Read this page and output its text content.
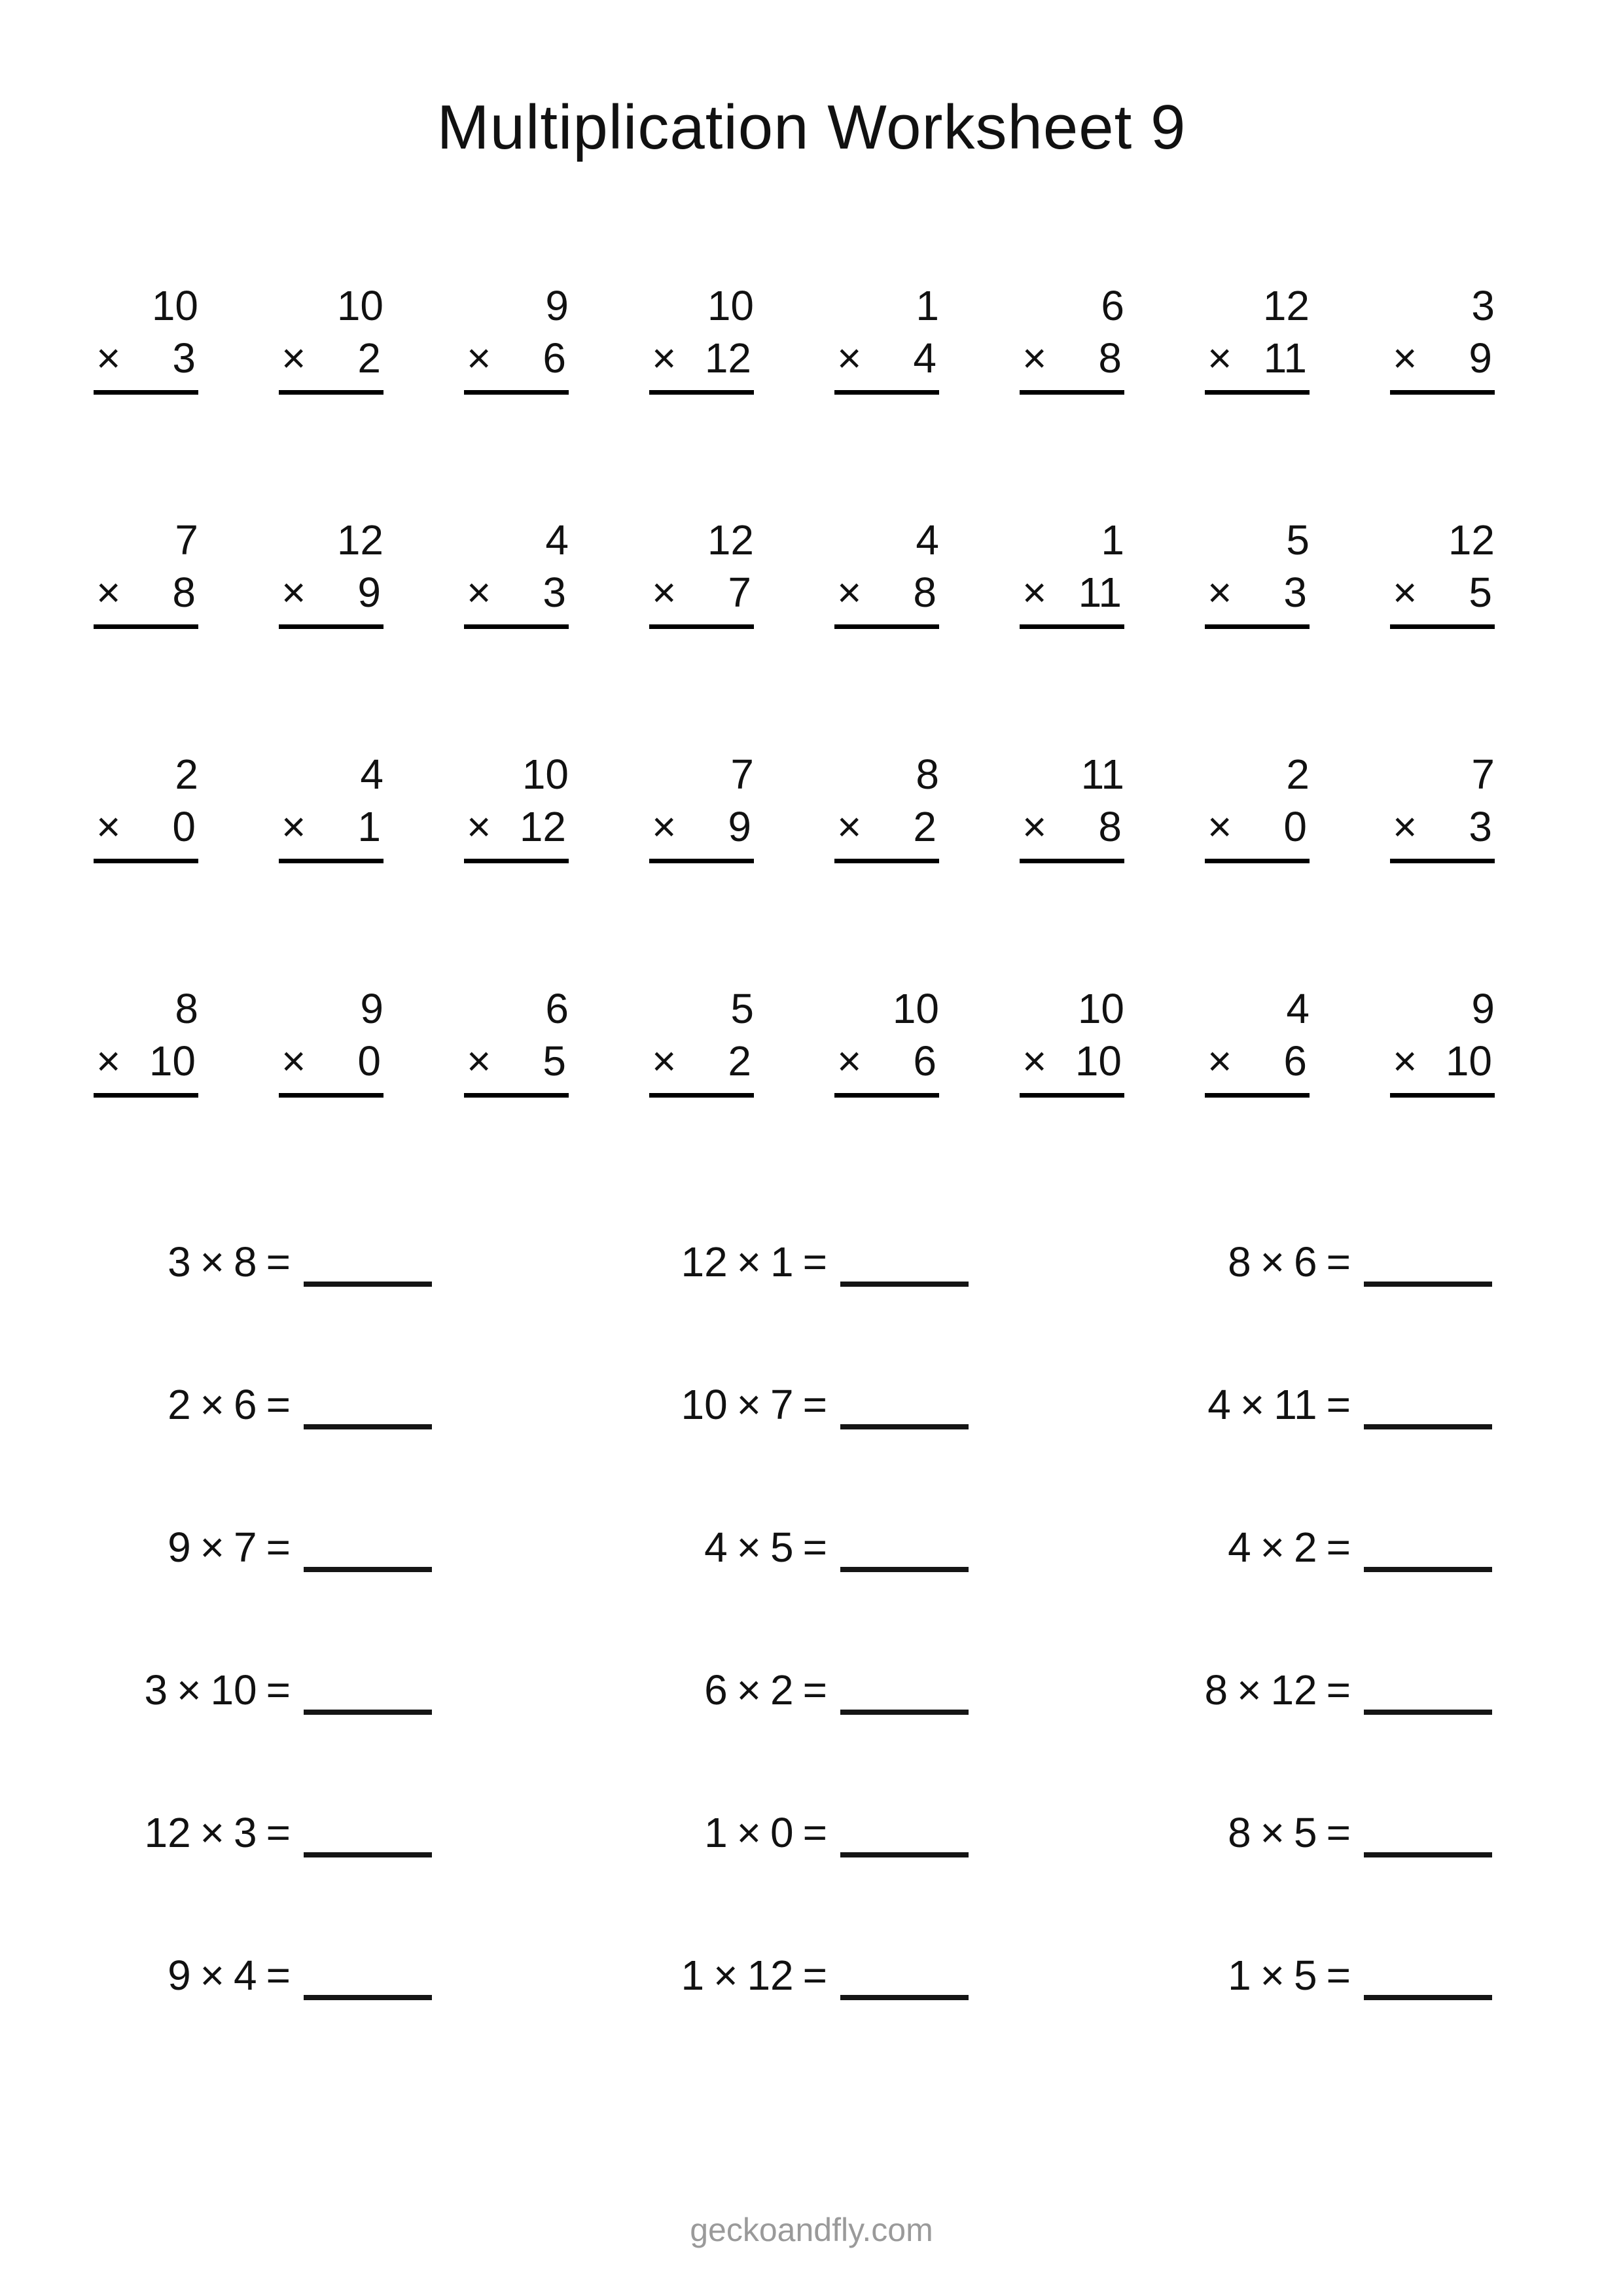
Multiplication Worksheet 9
10
× 3
10
× 2
9
× 6
10
× 12
1
× 4
6
× 8
12
× 11
3
× 9
7
× 8
12
× 9
4
× 3
12
× 7
4
× 8
1
× 11
5
× 3
12
× 5
2
× 0
4
× 1
10
× 12
7
× 9
8
× 2
11
× 8
2
× 0
7
× 3
8
× 10
9
× 0
6
× 5
5
× 2
10
× 6
10
× 10
4
× 6
9
× 10
3 × 8 =	12 × 1 =	8 × 6 =
2 × 6 =	10 × 7 =	4 × 11 =
9 × 7 =	4 × 5 =	4 × 2 =
3 × 10 =	6 × 2 =	8 × 12 =
12 × 3 =	1 × 0 =	8 × 5 =
9 × 4 =	1 × 12 =	1 × 5 =
geckoandfly.com
